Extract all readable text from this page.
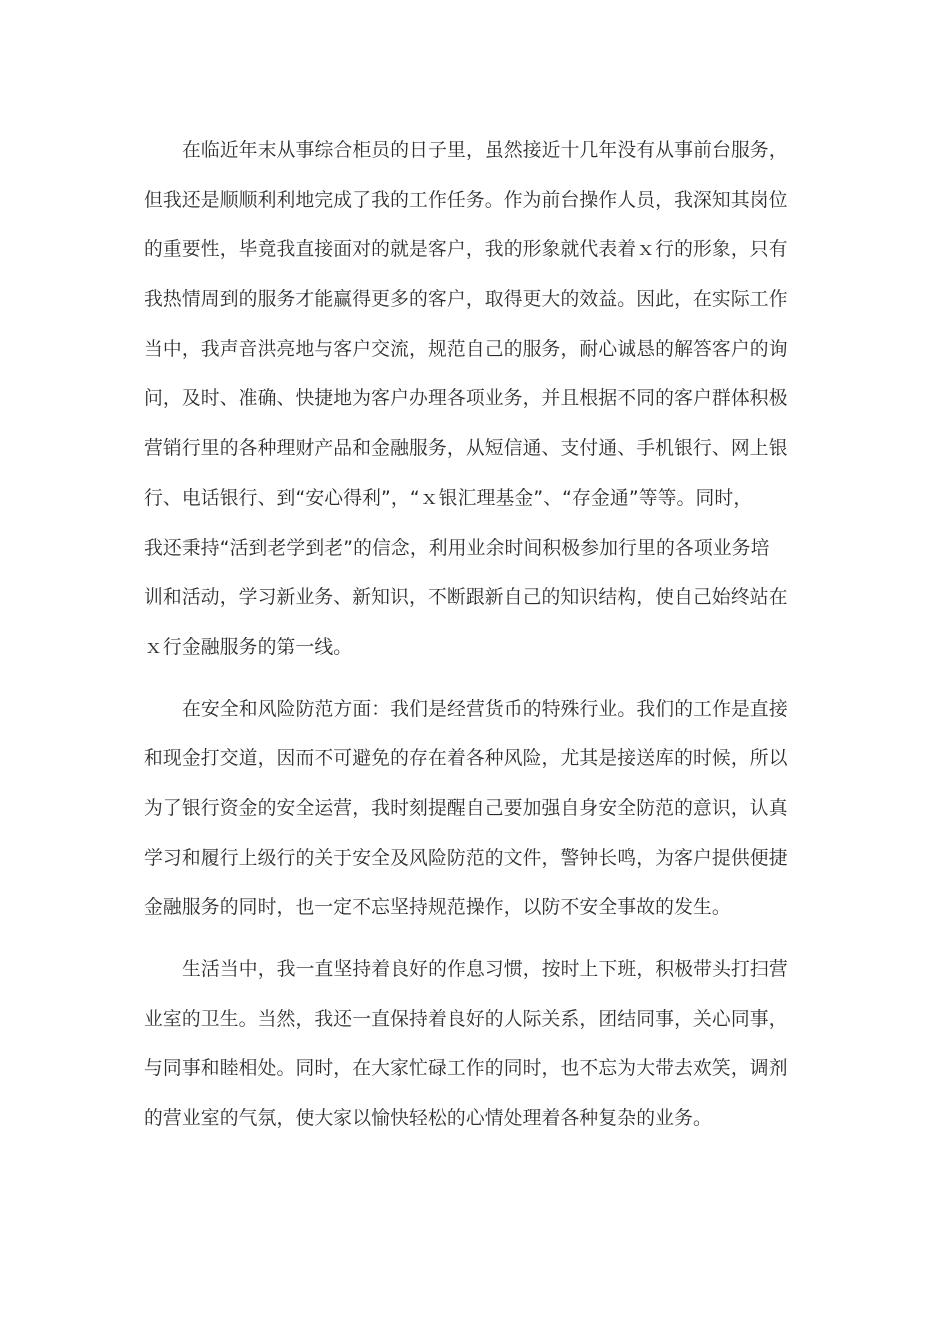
在临近年末从事综合柜员的日子里，虽然接近十几年没有从事前台服务，
但我还是顺顺利利地完成了我的工作任务。作为前台操作人员，我深知其岗位
的重要性，毕竟我直接面对的就是客户，我的形象就代表着ｘ行的形象，只有
我热情周到的服务才能赢得更多的客户，取得更大的效益。因此，在实际工作
当中，我声音洪亮地与客户交流，规范自己的服务，耐心诚恳的解答客户的询
问，及时、准确、快捷地为客户办理各项业务，并且根据不同的客户群体积极
营销行里的各种理财产品和金融服务，从短信通、支付通、手机银行、网上银
行、电话银行、到“安心得利”，“ｘ银汇理基金”、“存金通”等等。同时，
我还秉持“活到老学到老”的信念，利用业余时间积极参加行里的各项业务培
训和活动，学习新业务、新知识，不断跟新自己的知识结构，使自己始终站在
ｘ行金融服务的第一线。
在安全和风险防范方面：我们是经营货币的特殊行业。我们的工作是直接
和现金打交道，因而不可避免的存在着各种风险，尤其是接送库的时候，所以
为了银行资金的安全运营，我时刻提醒自己要加强自身安全防范的意识，认真
学习和履行上级行的关于安全及风险防范的文件，警钟长鸣，为客户提供便捷
金融服务的同时，也一定不忘坚持规范操作，以防不安全事故的发生。
生活当中，我一直坚持着良好的作息习惯，按时上下班，积极带头打扫营
业室的卫生。当然，我还一直保持着良好的人际关系，团结同事，关心同事，
与同事和睦相处。同时，在大家忙碌工作的同时，也不忘为大带去欢笑，调剂
的营业室的气氛，使大家以愉快轻松的心情处理着各种复杂的业务。
